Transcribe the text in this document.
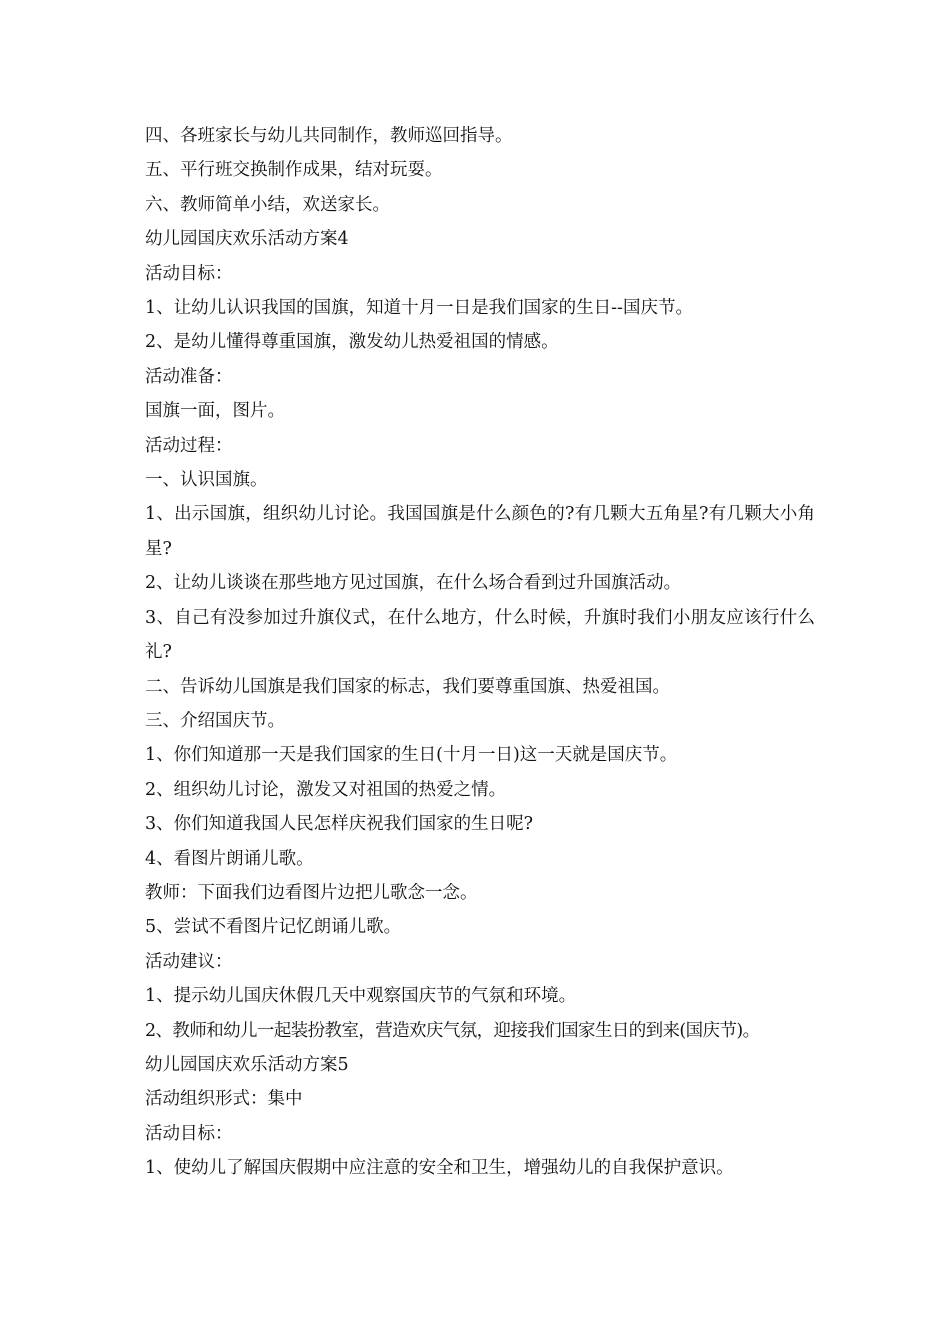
四、各班家长与幼儿共同制作，教师巡回指导。
五、平行班交换制作成果，结对玩耍。
六、教师简单小结，欢送家长。
幼儿园国庆欢乐活动方案4
活动目标：
1、让幼儿认识我国的国旗，知道十月一日是我们国家的生日--国庆节。
2、是幼儿懂得尊重国旗，激发幼儿热爱祖国的情感。
活动准备：
国旗一面，图片。
活动过程：
一、认识国旗。
1、出示国旗，组织幼儿讨论。我国国旗是什么颜色的?有几颗大五角星?有几颗大小角星?
2、让幼儿谈谈在那些地方见过国旗，在什么场合看到过升国旗活动。
3、自己有没参加过升旗仪式，在什么地方，什么时候，升旗时我们小朋友应该行什么礼?
二、告诉幼儿国旗是我们国家的标志，我们要尊重国旗、热爱祖国。
三、介绍国庆节。
1、你们知道那一天是我们国家的生日(十月一日)这一天就是国庆节。
2、组织幼儿讨论，激发又对祖国的热爱之情。
3、你们知道我国人民怎样庆祝我们国家的生日呢?
4、看图片朗诵儿歌。
教师：下面我们边看图片边把儿歌念一念。
5、尝试不看图片记忆朗诵儿歌。
活动建议：
1、提示幼儿国庆休假几天中观察国庆节的气氛和环境。
2、教师和幼儿一起装扮教室，营造欢庆气氛，迎接我们国家生日的到来(国庆节)。
幼儿园国庆欢乐活动方案5
活动组织形式：集中
活动目标：
1、使幼儿了解国庆假期中应注意的安全和卫生，增强幼儿的自我保护意识。
